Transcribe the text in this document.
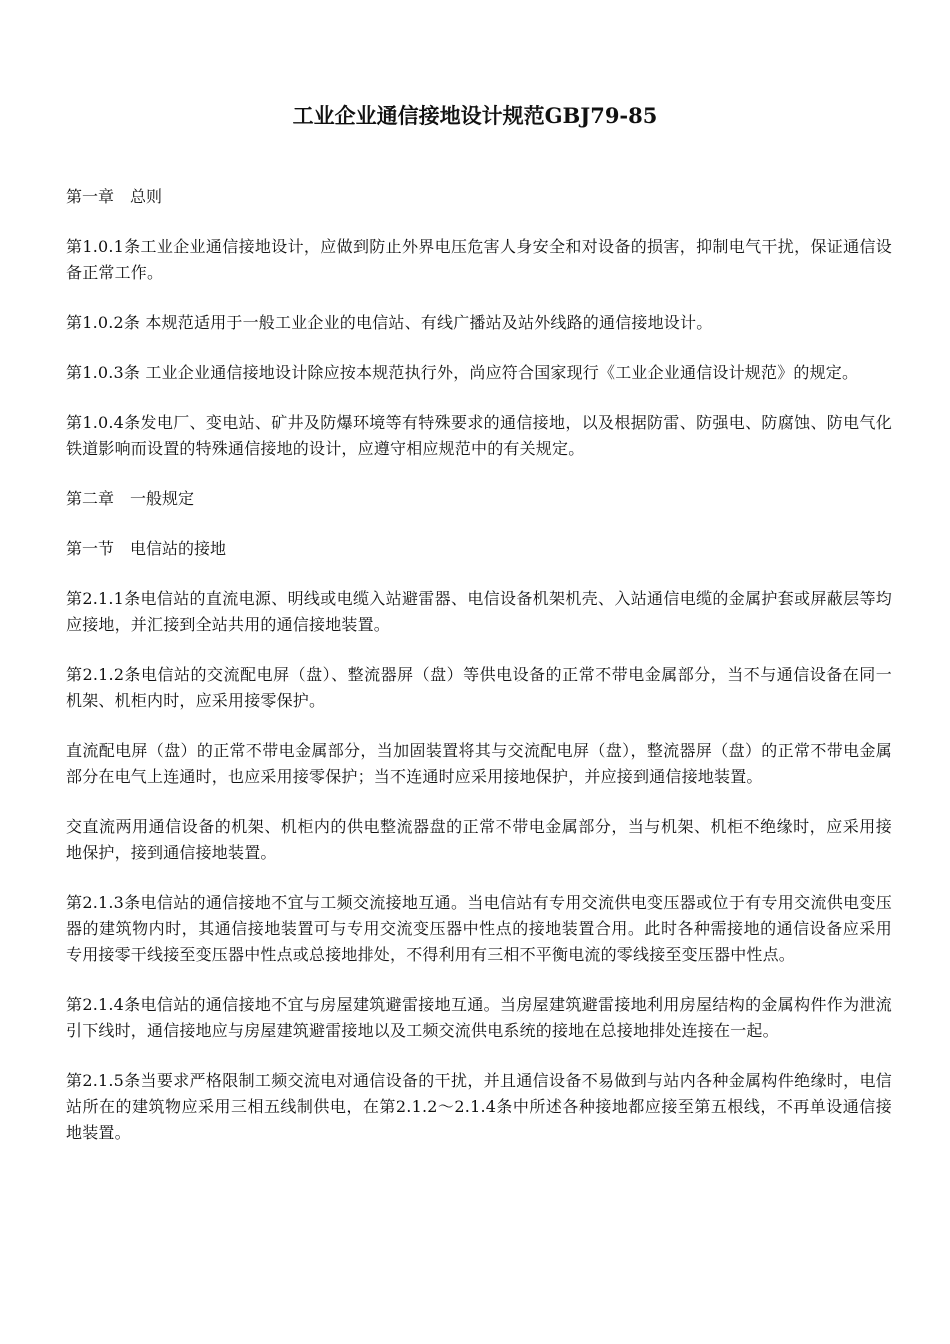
工业企业通信接地设计规范GBJ79-85

第一章　总则

第1.0.1条工业企业通信接地设计，应做到防止外界电压危害人身安全和对设备的损害，抑制电气干扰，保证通信设备正常工作。

第1.0.2条 本规范适用于一般工业企业的电信站、有线广播站及站外线路的通信接地设计。

第1.0.3条 工业企业通信接地设计除应按本规范执行外，尚应符合国家现行《工业企业通信设计规范》的规定。

第1.0.4条发电厂、变电站、矿井及防爆环境等有特殊要求的通信接地，以及根据防雷、防强电、防腐蚀、防电气化铁道影响而设置的特殊通信接地的设计，应遵守相应规范中的有关规定。

第二章　一般规定

第一节　电信站的接地

第2.1.1条电信站的直流电源、明线或电缆入站避雷器、电信设备机架机壳、入站通信电缆的金属护套或屏蔽层等均应接地，并汇接到全站共用的通信接地装置。

第2.1.2条电信站的交流配电屏（盘）、整流器屏（盘）等供电设备的正常不带电金属部分，当不与通信设备在同一机架、机柜内时，应采用接零保护。

直流配电屏（盘）的正常不带电金属部分，当加固装置将其与交流配电屏（盘），整流器屏（盘）的正常不带电金属部分在电气上连通时，也应采用接零保护；当不连通时应采用接地保护，并应接到通信接地装置。

交直流两用通信设备的机架、机柜内的供电整流器盘的正常不带电金属部分，当与机架、机柜不绝缘时，应采用接地保护，接到通信接地装置。

第2.1.3条电信站的通信接地不宜与工频交流接地互通。当电信站有专用交流供电变压器或位于有专用交流供电变压器的建筑物内时，其通信接地装置可与专用交流变压器中性点的接地装置合用。此时各种需接地的通信设备应采用专用接零干线接至变压器中性点或总接地排处，不得利用有三相不平衡电流的零线接至变压器中性点。

第2.1.4条电信站的通信接地不宜与房屋建筑避雷接地互通。当房屋建筑避雷接地利用房屋结构的金属构件作为泄流引下线时，通信接地应与房屋建筑避雷接地以及工频交流供电系统的接地在总接地排处连接在一起。

第2.1.5条当要求严格限制工频交流电对通信设备的干扰，并且通信设备不易做到与站内各种金属构件绝缘时，电信站所在的建筑物应采用三相五线制供电，在第2.1.2～2.1.4条中所述各种接地都应接至第五根线，不再单设通信接地装置。
